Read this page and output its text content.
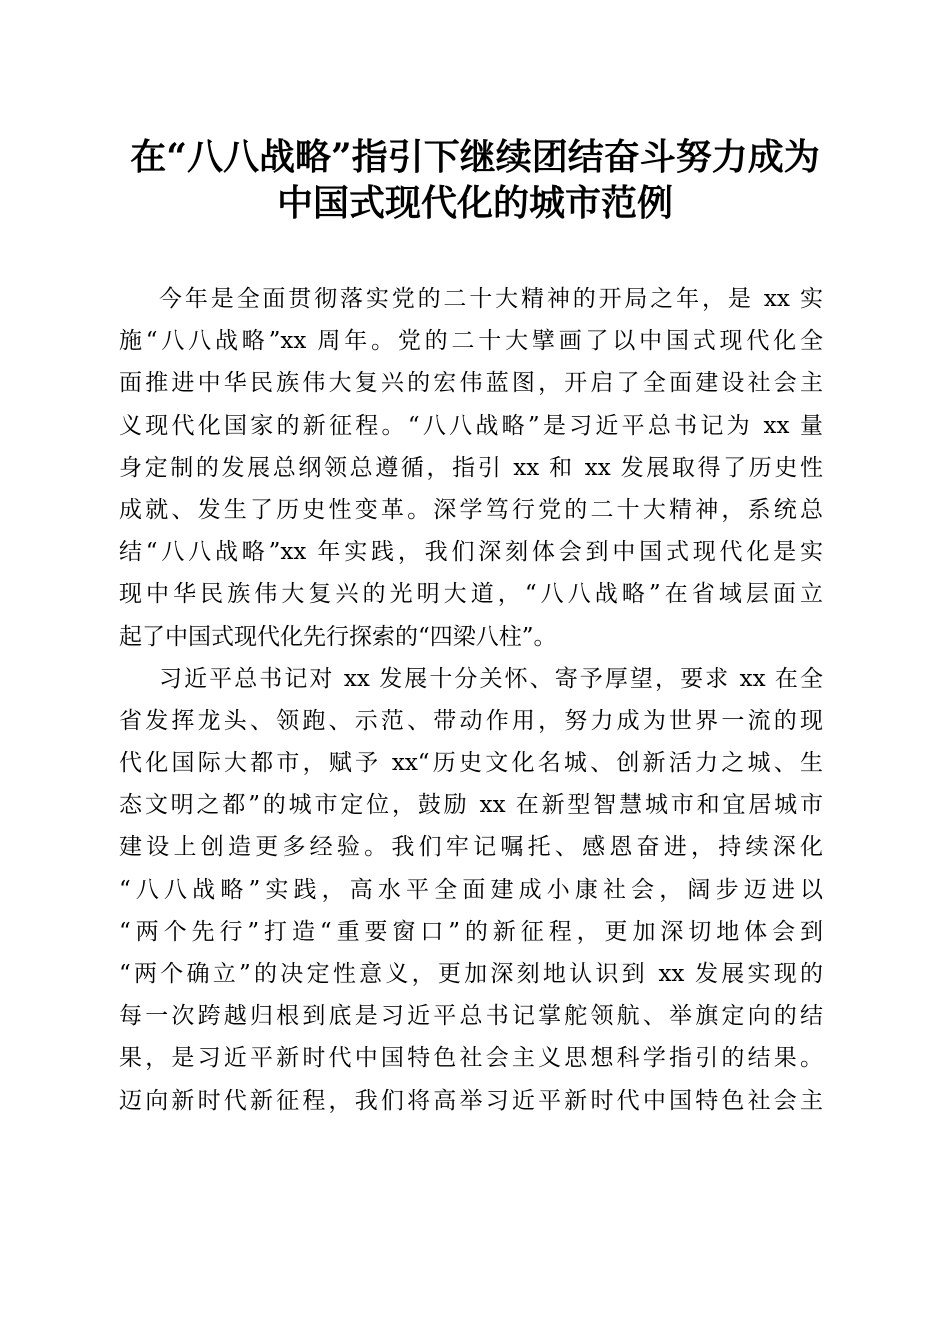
在“八八战略”指引下继续团结奋斗努力成为
中国式现代化的城市范例
今年是全面贯彻落实党的二十大精神的开局之年，是 xx 实
施“八八战略”xx 周年。党的二十大擘画了以中国式现代化全
面推进中华民族伟大复兴的宏伟蓝图，开启了全面建设社会主
义现代化国家的新征程。“八八战略”是习近平总书记为 xx 量
身定制的发展总纲领总遵循，指引 xx 和 xx 发展取得了历史性
成就、发生了历史性变革。深学笃行党的二十大精神，系统总
结“八八战略”xx 年实践，我们深刻体会到中国式现代化是实
现中华民族伟大复兴的光明大道，“八八战略”在省域层面立
起了中国式现代化先行探索的“四梁八柱”。
习近平总书记对 xx 发展十分关怀、寄予厚望，要求 xx 在全
省发挥龙头、领跑、示范、带动作用，努力成为世界一流的现
代化国际大都市，赋予 xx“历史文化名城、创新活力之城、生
态文明之都”的城市定位，鼓励 xx 在新型智慧城市和宜居城市
建设上创造更多经验。我们牢记嘱托、感恩奋进，持续深化
“八八战略”实践，高水平全面建成小康社会，阔步迈进以
“两个先行”打造“重要窗口”的新征程，更加深切地体会到
“两个确立”的决定性意义，更加深刻地认识到 xx 发展实现的
每一次跨越归根到底是习近平总书记掌舵领航、举旗定向的结
果，是习近平新时代中国特色社会主义思想科学指引的结果。
迈向新时代新征程，我们将高举习近平新时代中国特色社会主
